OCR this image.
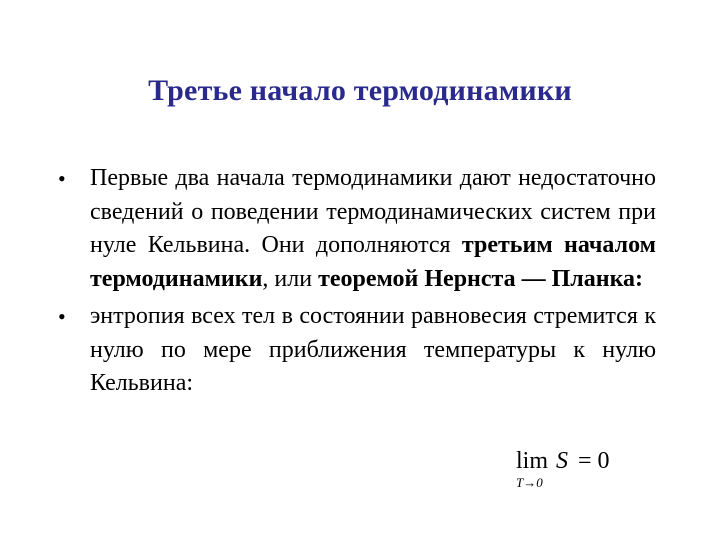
Третье начало термодинамики

• Первые два начала термодинамики дают недостаточно сведений о поведении термодинамических систем при нуле Кельвина. Они дополняются третьим началом термодинамики, или теоремой Нернста — Планка:

• энтропия всех тел в состоянии равновесия стремится к нулю по мере приближения температуры к нулю Кельвина:

lim S = 0
T→0
